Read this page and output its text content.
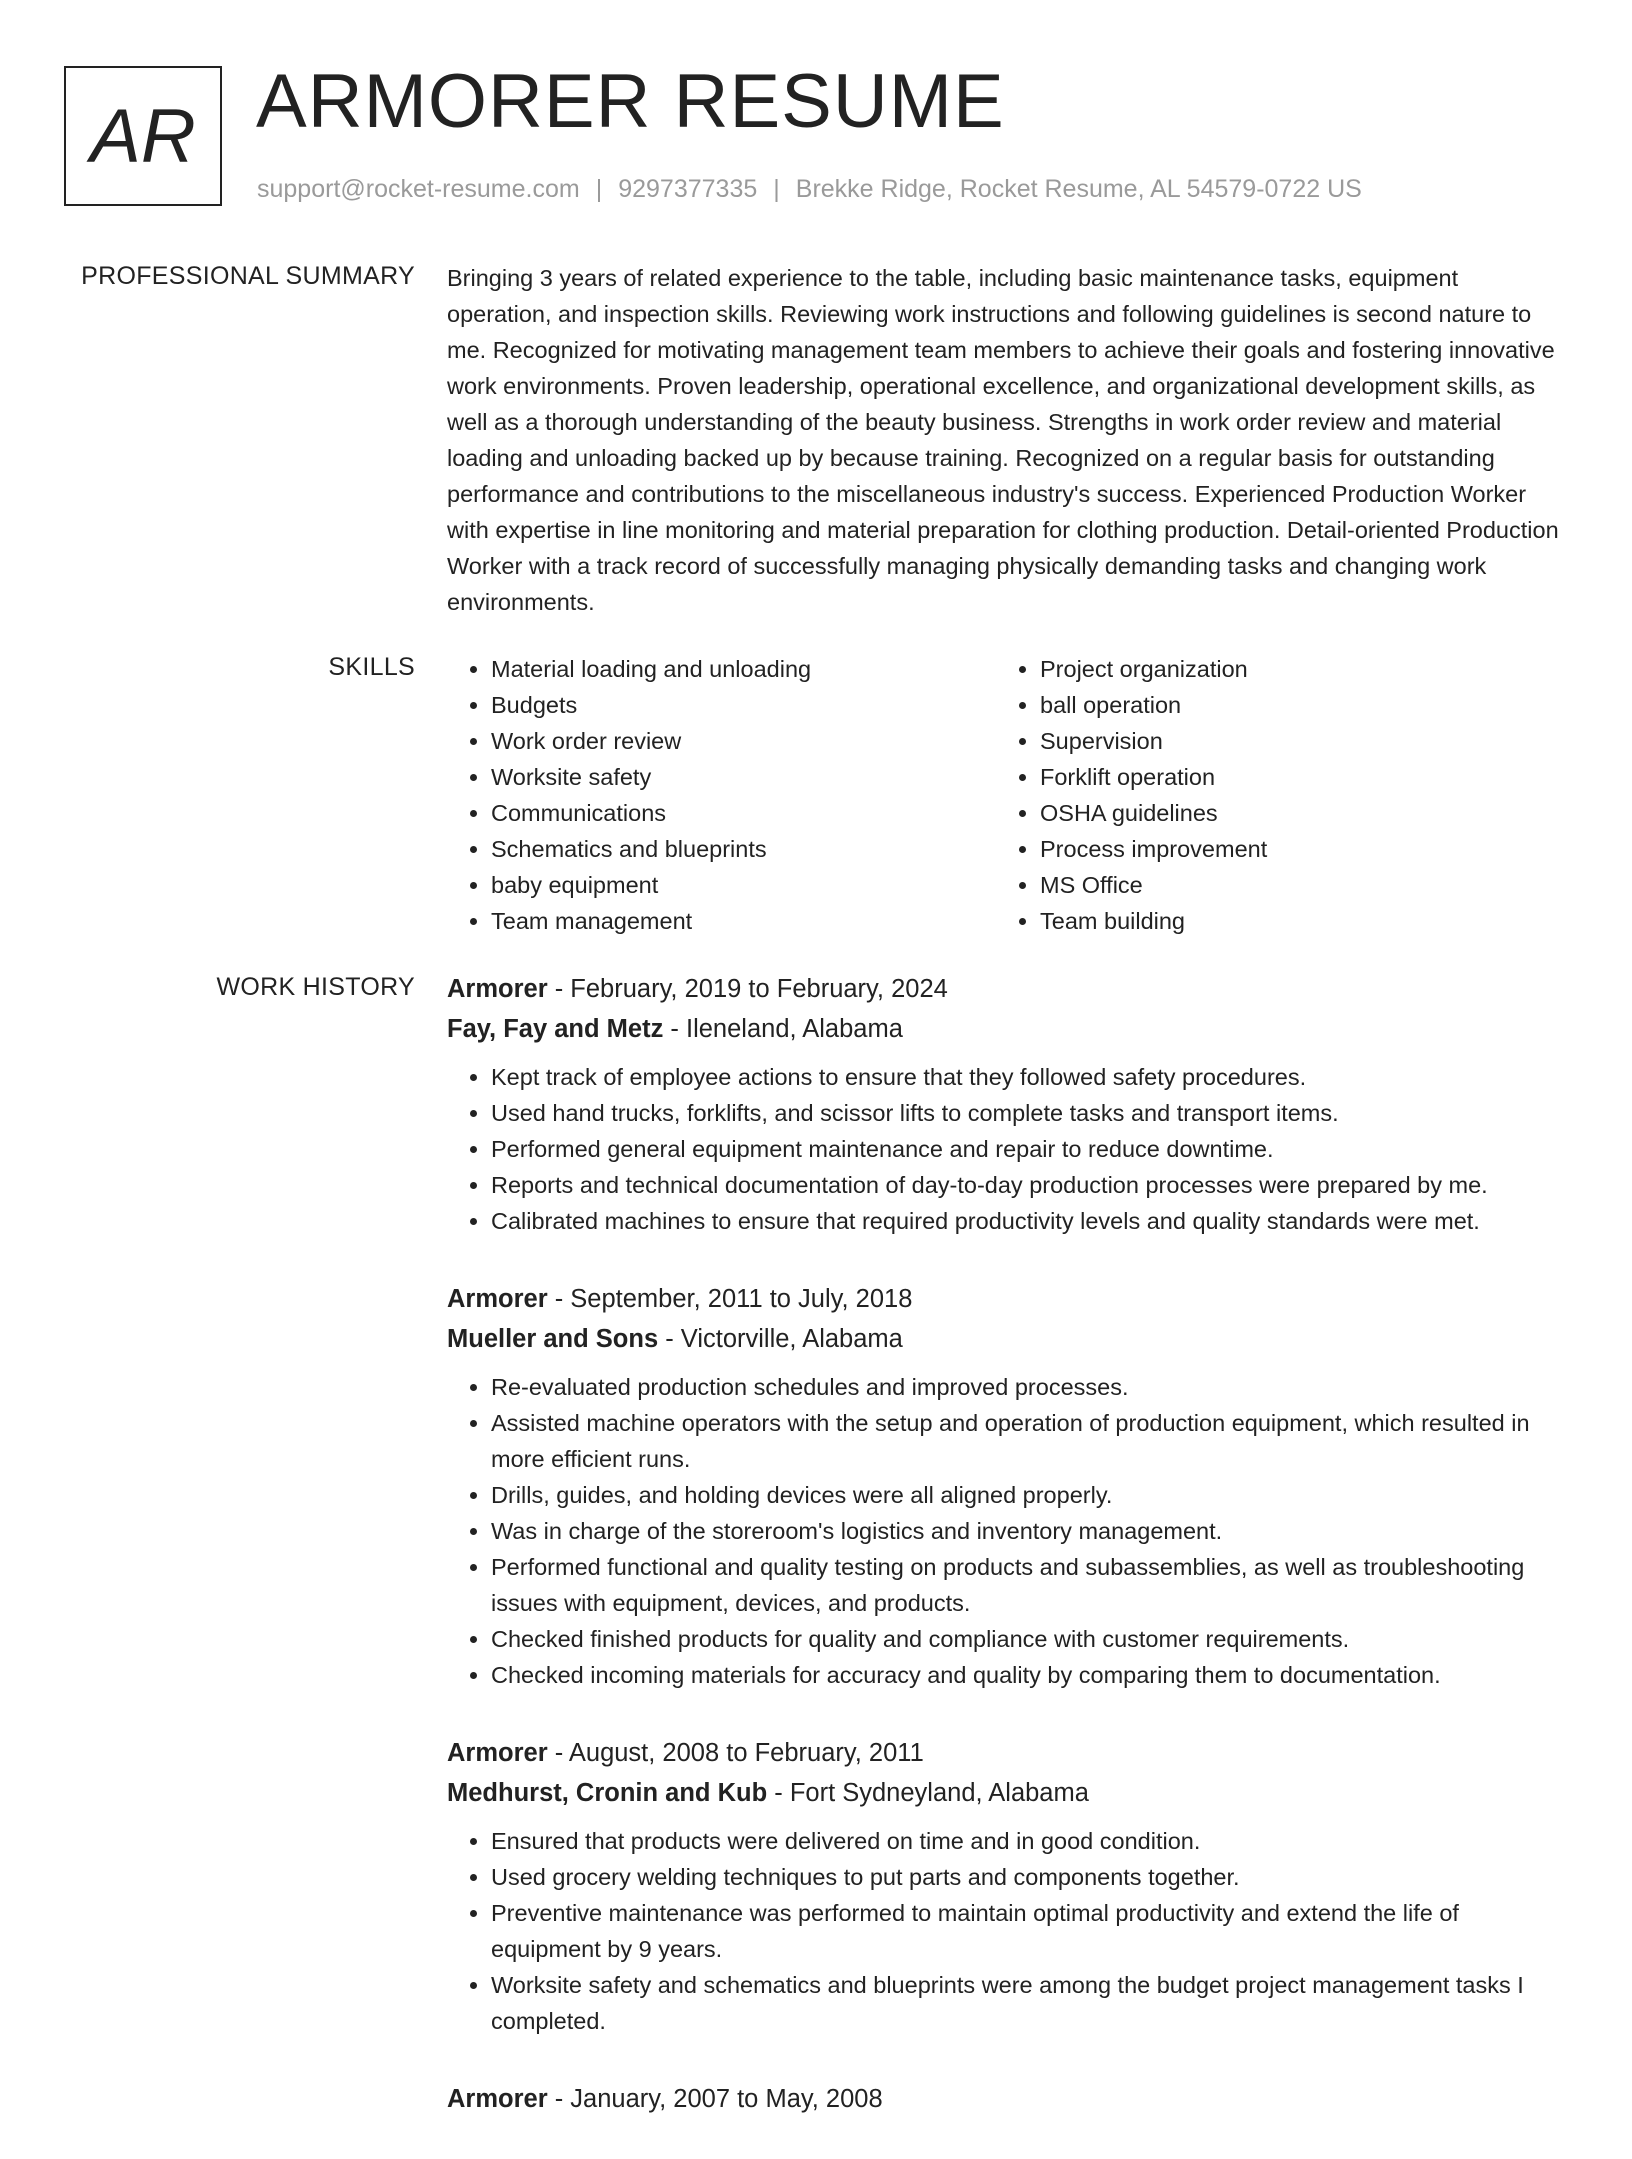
AR ARMORER RESUME
support@rocket-resume.com | 9297377335 | Brekke Ridge, Rocket Resume, AL 54579-0722 US
PROFESSIONAL SUMMARY Bringing 3 years of related experience to the table, including basic maintenance tasks, equipment operation, and inspection skills. Reviewing work instructions and following guidelines is second nature to me. Recognized for motivating management team members to achieve their goals and fostering innovative work environments. Proven leadership, operational excellence, and organizational development skills, as well as a thorough understanding of the beauty business. Strengths in work order review and material loading and unloading backed up by because training. Recognized on a regular basis for outstanding performance and contributions to the miscellaneous industry's success. Experienced Production Worker with expertise in line monitoring and material preparation for clothing production. Detail-oriented Production Worker with a track record of successfully managing physically demanding tasks and changing work environments.

SKILLS
•	Material loading and unloading
• Budgets
• Work order review
• Worksite safety
• Communications
• Schematics and blueprints
• baby equipment
• Team management
• Project organization
• ball operation
• Supervision
• Forklift operation
• OSHA guidelines
• Process improvement
• MS Office
• Team building
WORK HISTORY Armorer - February, 2019 to February, 2024
Fay, Fay and Metz - Ileneland, Alabama
• Kept track of employee actions to ensure that they followed safety procedures.
• Used hand trucks, forklifts, and scissor lifts to complete tasks and transport items.
• Performed general equipment maintenance and repair to reduce downtime.
• Reports and technical documentation of day-to-day production processes were prepared by me.
• Calibrated machines to ensure that required productivity levels and quality standards were met.
Armorer - September, 2011 to July, 2018
Mueller and Sons - Victorville, Alabama
• Re-evaluated production schedules and improved processes.
• Assisted machine operators with the setup and operation of production equipment, which resulted in more efficient runs.
• Drills, guides, and holding devices were all aligned properly.
• Was in charge of the storeroom's logistics and inventory management.
• Performed functional and quality testing on products and subassemblies, as well as troubleshooting issues with equipment, devices, and products.
• Checked finished products for quality and compliance with customer requirements.
• Checked incoming materials for accuracy and quality by comparing them to documentation.
Armorer - August, 2008 to February, 2011
Medhurst, Cronin and Kub - Fort Sydneyland, Alabama
• Ensured that products were delivered on time and in good condition.
• Used grocery welding techniques to put parts and components together.
• Preventive maintenance was performed to maintain optimal productivity and extend the life of equipment by 9 years.
• Worksite safety and schematics and blueprints were among the budget project management tasks I completed.
Armorer - January, 2007 to May, 2008
